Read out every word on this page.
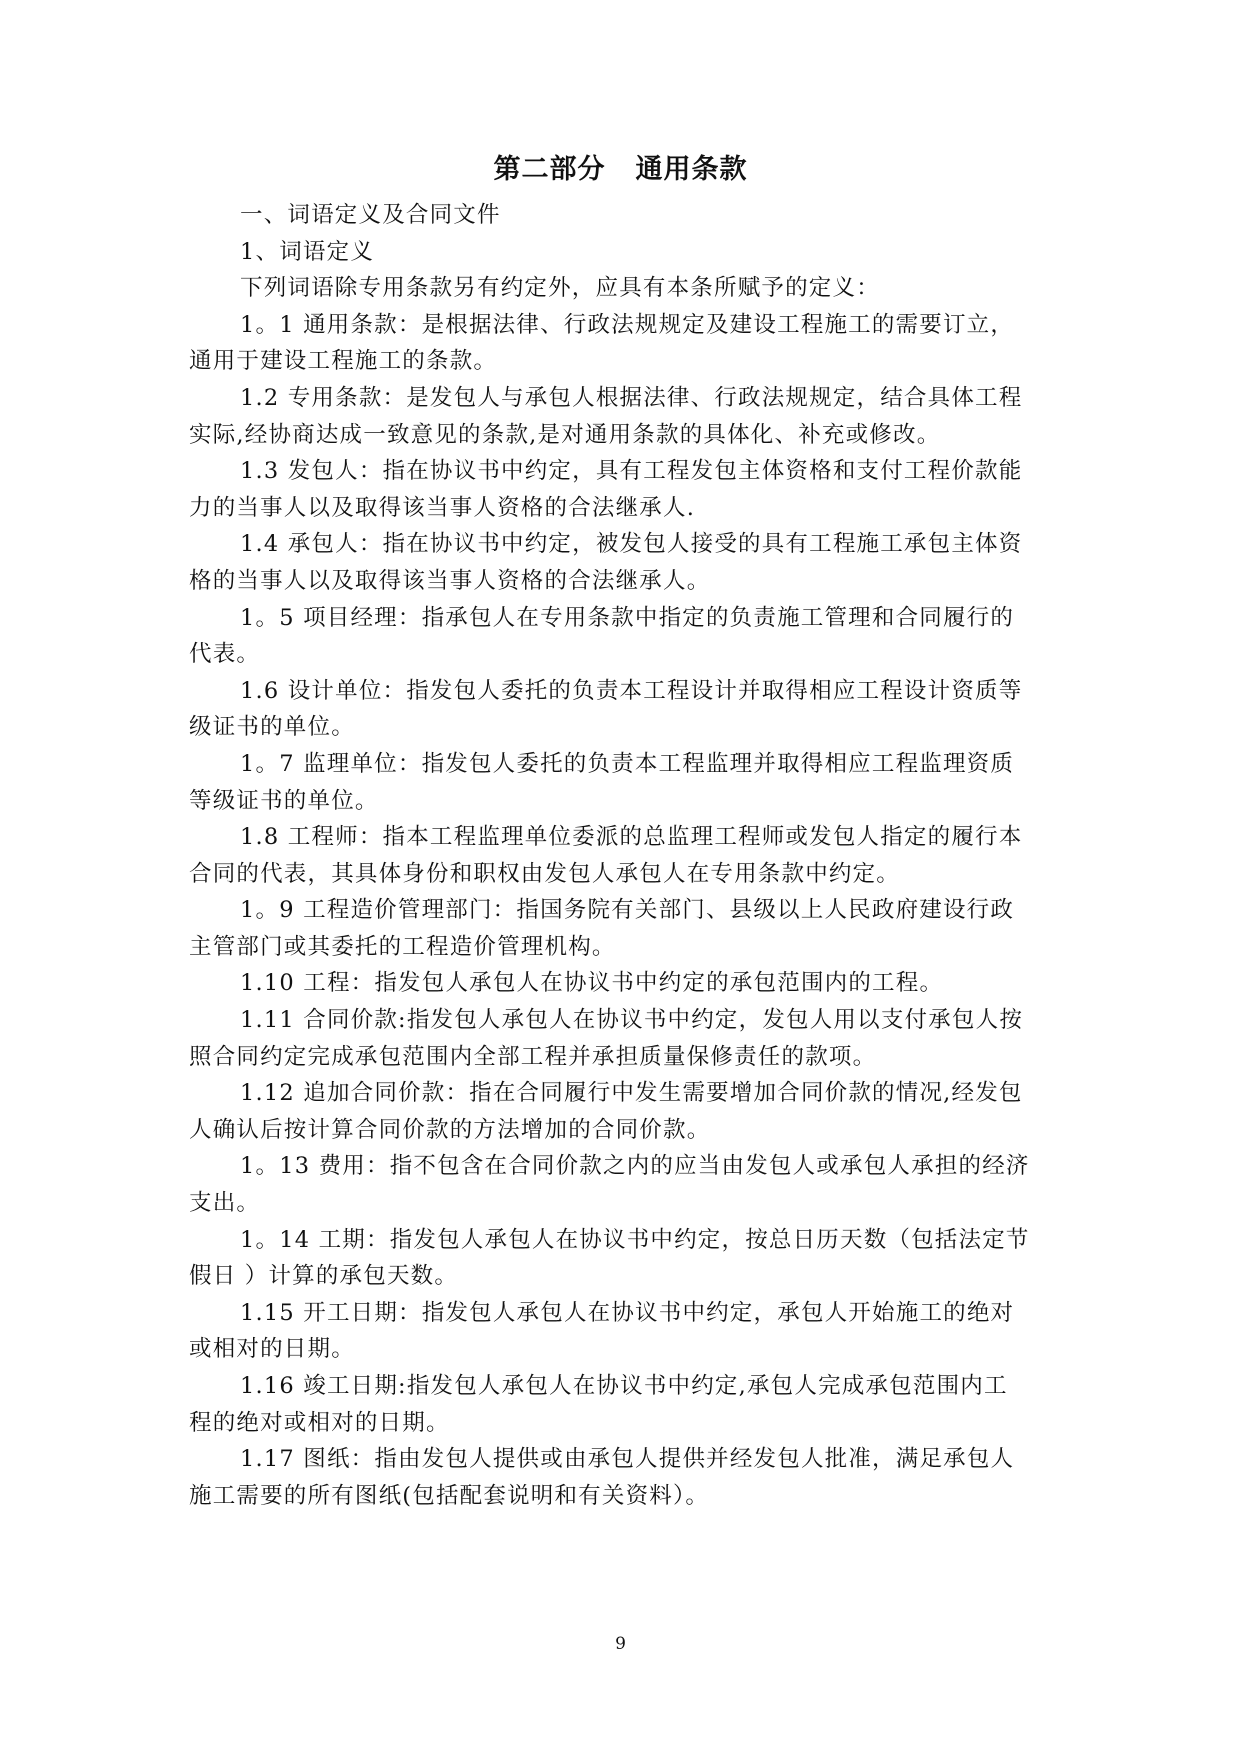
第二部分 通用条款
一、词语定义及合同文件
1、词语定义
下列词语除专用条款另有约定外，应具有本条所赋予的定义：
1。1 通用条款：是根据法律、行政法规规定及建设工程施工的需要订立，
通用于建设工程施工的条款。
1.2 专用条款：是发包人与承包人根据法律、行政法规规定，结合具体工程
实际,经协商达成一致意见的条款,是对通用条款的具体化、补充或修改。
1.3 发包人：指在协议书中约定，具有工程发包主体资格和支付工程价款能
力的当事人以及取得该当事人资格的合法继承人.
1.4 承包人：指在协议书中约定，被发包人接受的具有工程施工承包主体资
格的当事人以及取得该当事人资格的合法继承人。
1。5 项目经理：指承包人在专用条款中指定的负责施工管理和合同履行的
代表。
1.6 设计单位：指发包人委托的负责本工程设计并取得相应工程设计资质等
级证书的单位。
1。7 监理单位：指发包人委托的负责本工程监理并取得相应工程监理资质
等级证书的单位。
1.8 工程师：指本工程监理单位委派的总监理工程师或发包人指定的履行本
合同的代表，其具体身份和职权由发包人承包人在专用条款中约定。
1。9 工程造价管理部门：指国务院有关部门、县级以上人民政府建设行政
主管部门或其委托的工程造价管理机构。
1.10 工程：指发包人承包人在协议书中约定的承包范围内的工程。
1.11 合同价款:指发包人承包人在协议书中约定，发包人用以支付承包人按
照合同约定完成承包范围内全部工程并承担质量保修责任的款项。
1.12 追加合同价款：指在合同履行中发生需要增加合同价款的情况,经发包
人确认后按计算合同价款的方法增加的合同价款。
1。13 费用：指不包含在合同价款之内的应当由发包人或承包人承担的经济
支出。
1。14 工期：指发包人承包人在协议书中约定，按总日历天数（包括法定节
假日 ）计算的承包天数。
1.15 开工日期：指发包人承包人在协议书中约定，承包人开始施工的绝对
或相对的日期。
1.16 竣工日期:指发包人承包人在协议书中约定,承包人完成承包范围内工
程的绝对或相对的日期。
1.17 图纸：指由发包人提供或由承包人提供并经发包人批准，满足承包人
施工需要的所有图纸(包括配套说明和有关资料）。
9
